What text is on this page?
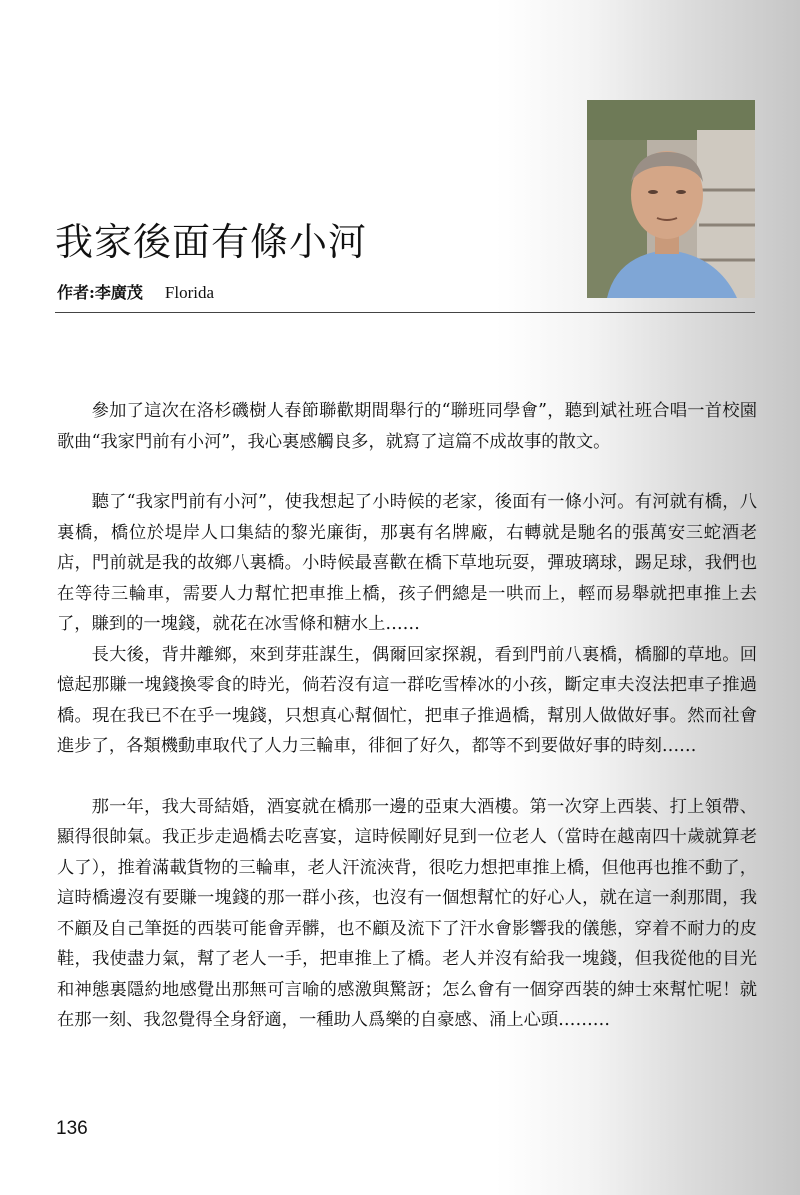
我家後面有條小河
作者:李廣茂 Florida

參加了這次在洛杉磯樹人春節聯歡期間舉行的“聯班同學會”，聽到斌社班合唱一首校園歌曲“我家門前有小河”，我心裏感觸良多，就寫了這篇不成故事的散文。

聽了“我家門前有小河”，使我想起了小時候的老家，後面有一條小河。有河就有橋，八裏橋，橋位於堤岸人口集結的黎光廉街，那裏有名牌廠，右轉就是馳名的張萬安三蛇酒老店，門前就是我的故鄉八裏橋。小時候最喜歡在橋下草地玩耍，彈玻璃球，踢足球，我們也在等待三輪車，需要人力幫忙把車推上橋，孩子們總是一哄而上，輕而易舉就把車推上去了，賺到的一塊錢，就花在冰雪條和糖水上……

長大後，背井離鄉，來到芽莊謀生，偶爾回家探親，看到門前八裏橋，橋腳的草地。回憶起那賺一塊錢換零食的時光，倘若沒有這一群吃雪棒冰的小孩，斷定車夫沒法把車子推過橋。現在我已不在乎一塊錢，只想真心幫個忙，把車子推過橋，幫別人做做好事。然而社會進步了，各類機動車取代了人力三輪車，徘徊了好久，都等不到要做好事的時刻……

那一年，我大哥結婚，酒宴就在橋那一邊的亞東大酒樓。第一次穿上西裝、打上領帶、顯得很帥氣。我正步走過橋去吃喜宴，這時候剛好見到一位老人（當時在越南四十歲就算老人了），推着滿載貨物的三輪車，老人汗流浹背，很吃力想把車推上橋，但他再也推不動了，這時橋邊沒有要賺一塊錢的那一群小孩，也沒有一個想幫忙的好心人，就在這一刹那間，我不顧及自己筆挺的西裝可能會弄髒，也不顧及流下了汗水會影響我的儀態，穿着不耐力的皮鞋，我使盡力氣，幫了老人一手，把車推上了橋。老人并沒有給我一塊錢，但我從他的目光和神態裏隱約地感覺出那無可言喻的感激與驚訝；怎么會有一個穿西裝的紳士來幫忙呢！就在那一刻、我忽覺得全身舒適，一種助人爲樂的自豪感、涌上心頭………

136
